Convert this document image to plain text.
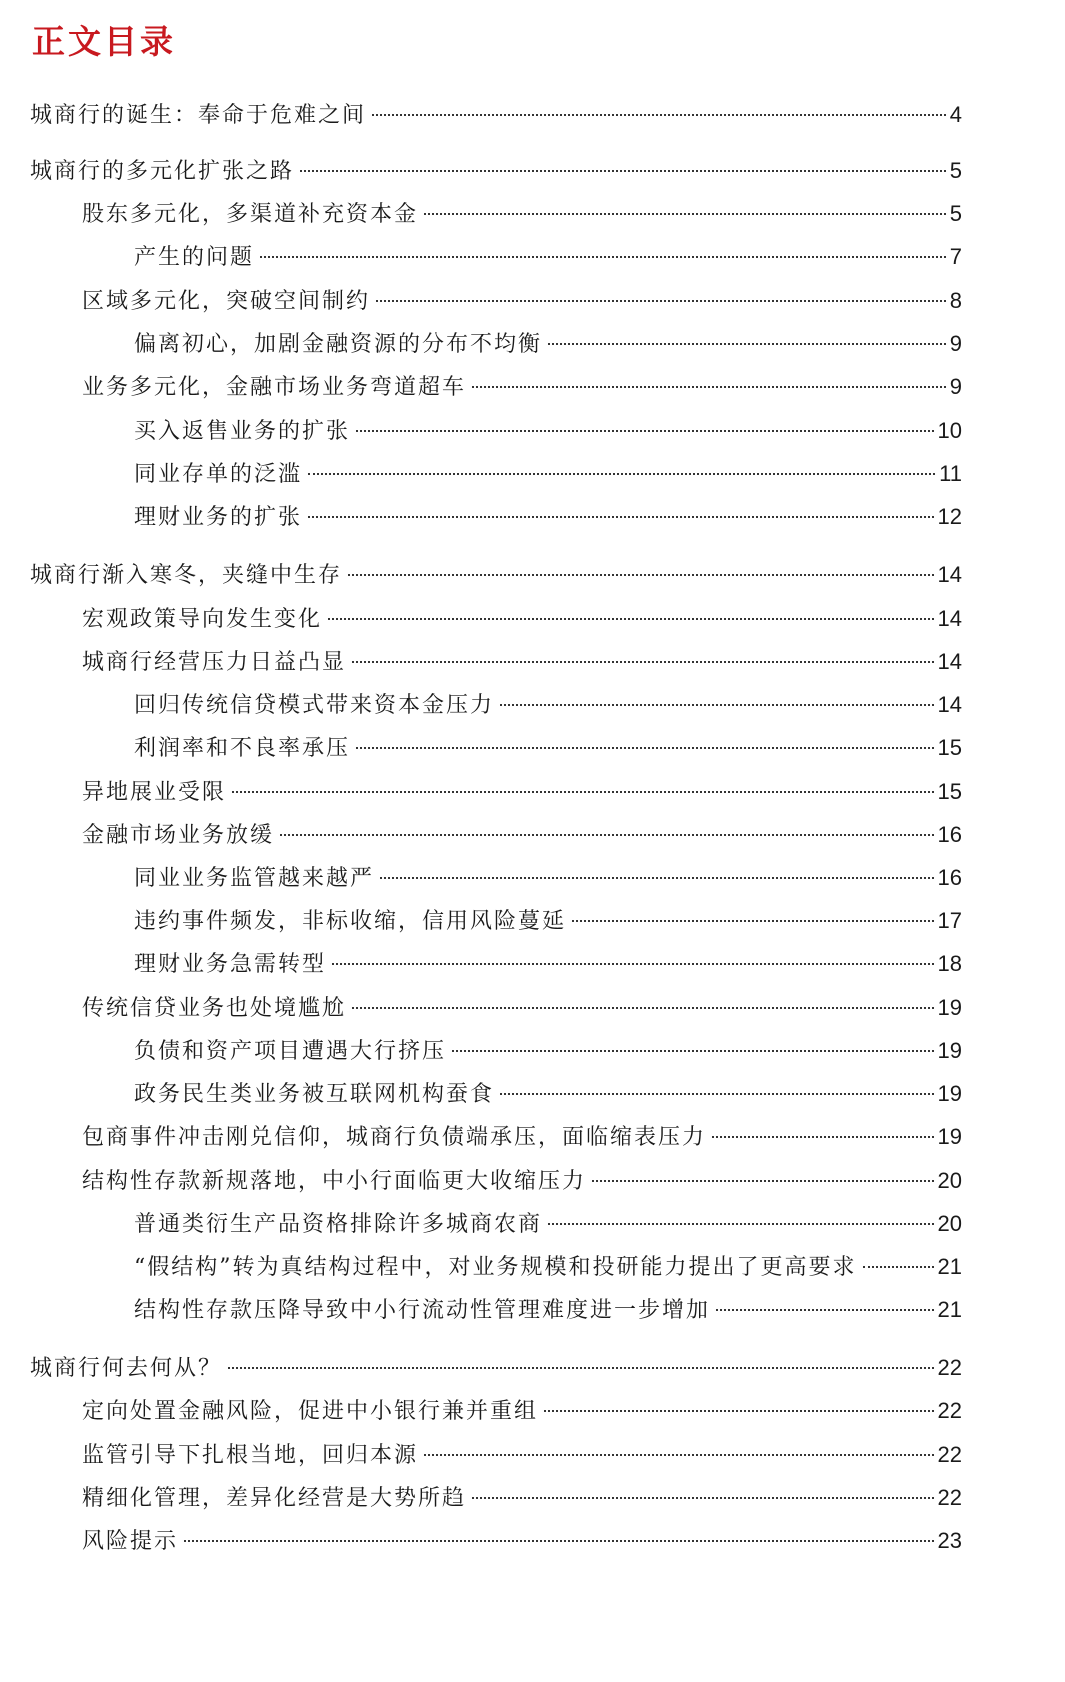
正文目录
城商行的诞生：奉命于危难之间	4
城商行的多元化扩张之路	5
股东多元化，多渠道补充资本金	5
产生的问题	7
区域多元化，突破空间制约	8
偏离初心，加剧金融资源的分布不均衡	9
业务多元化，金融市场业务弯道超车	9
买入返售业务的扩张	10
同业存单的泛滥	11
理财业务的扩张	12
城商行渐入寒冬，夹缝中生存	14
宏观政策导向发生变化	14
城商行经营压力日益凸显	14
回归传统信贷模式带来资本金压力	14
利润率和不良率承压	15
异地展业受限	15
金融市场业务放缓	16
同业业务监管越来越严	16
违约事件频发，非标收缩，信用风险蔓延	17
理财业务急需转型	18
传统信贷业务也处境尴尬	19
负债和资产项目遭遇大行挤压	19
政务民生类业务被互联网机构蚕食	19
包商事件冲击刚兑信仰，城商行负债端承压，面临缩表压力	19
结构性存款新规落地，中小行面临更大收缩压力	20
普通类衍生产品资格排除许多城商农商	20
“假结构”转为真结构过程中，对业务规模和投研能力提出了更高要求	21
结构性存款压降导致中小行流动性管理难度进一步增加	21
城商行何去何从？	22
定向处置金融风险，促进中小银行兼并重组	22
监管引导下扎根当地，回归本源	22
精细化管理，差异化经营是大势所趋	22
风险提示	23
